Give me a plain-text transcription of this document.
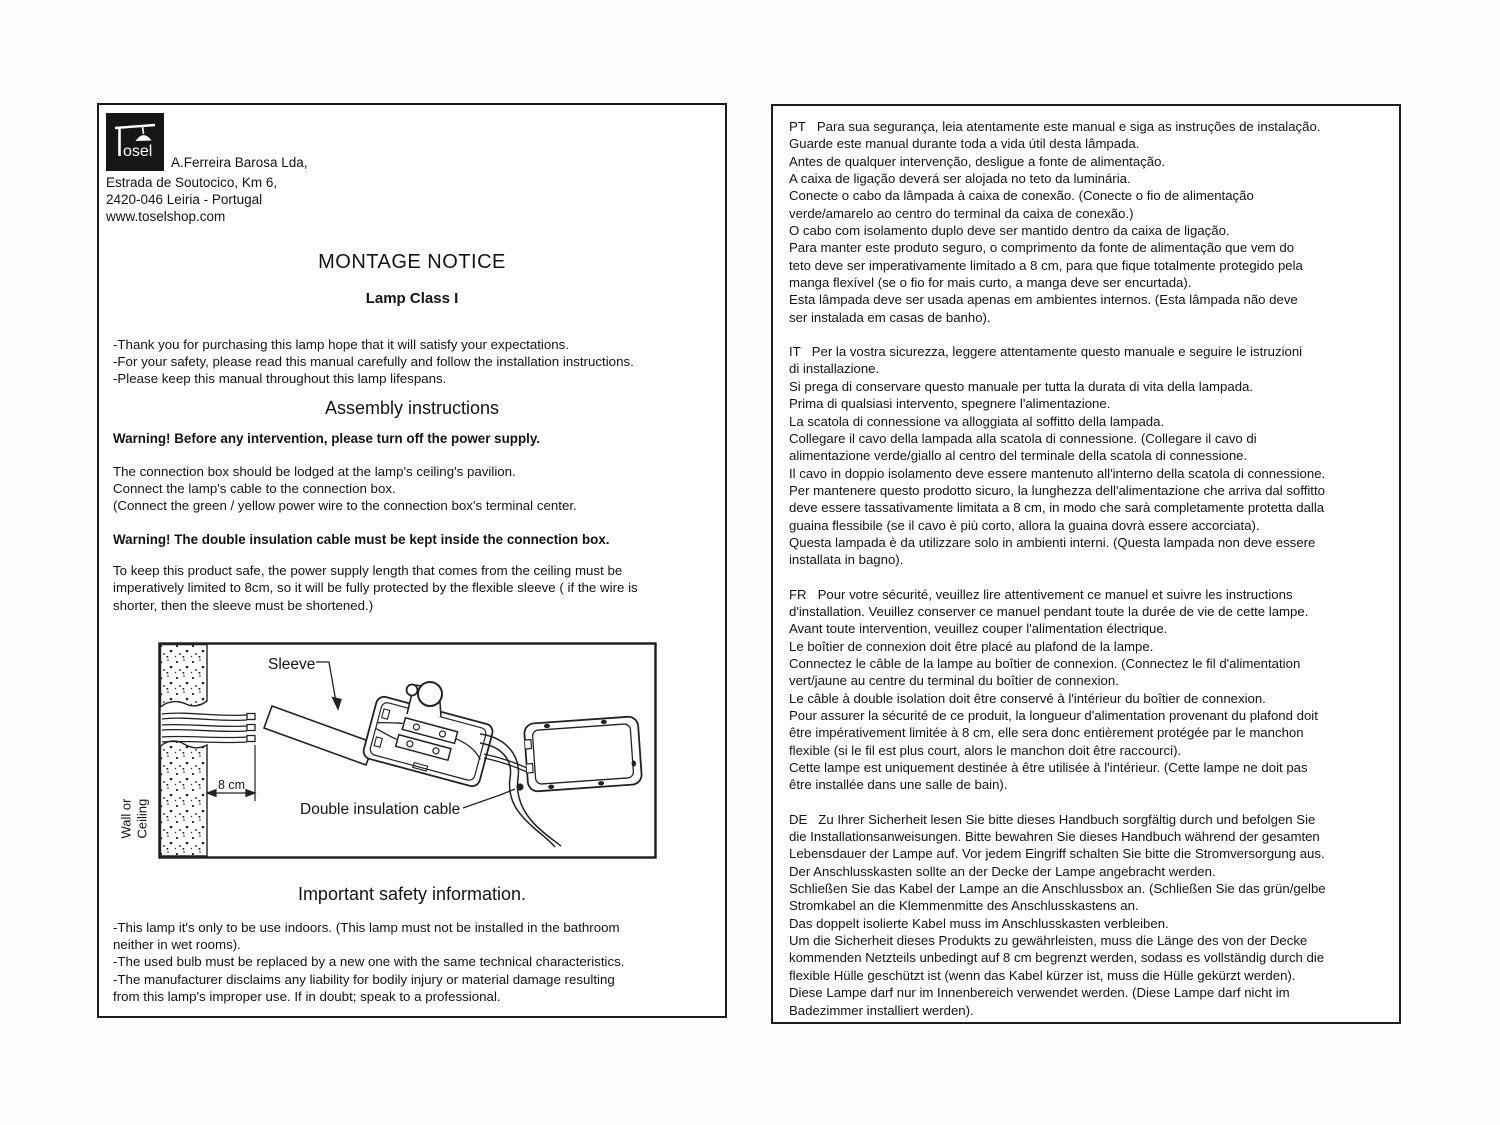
osel
A.Ferreira Barosa Lda,
Estrada de Soutocico, Km 6,
2420-046 Leiria - Portugal
www.toselshop.com
MONTAGE NOTICE
Lamp Class I
-Thank you for purchasing this lamp hope that it will satisfy your expectations.
-For your safety, please read this manual carefully and follow the installation instructions.
-Please keep this manual throughout this lamp lifespans.
Assembly instructions
Warning! Before any intervention, please turn off the power supply.
The connection box should be lodged at the lamp's ceiling's pavilion.
Connect the lamp's cable to the connection box.
(Connect the green / yellow power wire to the connection box's terminal center.
Warning! The double insulation cable must be kept inside the connection box.
To keep this product safe, the power supply length that comes from the ceiling must be
imperatively limited to 8cm, so it will be fully protected by the flexible sleeve ( if the wire is
shorter, then the sleeve must be shortened.)
Wall or Ceiling
8 cm
Sleeve
Double insulation cable
Important safety information.
-This lamp it's only to be use indoors. (This lamp must not be installed in the bathroom
neither in wet rooms).
-The used bulb must be replaced by a new one with the same technical characteristics.
-The manufacturer disclaims any liability for bodily injury or material damage resulting
from this lamp's improper use. If in doubt; speak to a professional.
PT   Para sua segurança, leia atentamente este manual e siga as instruções de instalação.
Guarde este manual durante toda a vida útil desta lâmpada.
Antes de qualquer intervenção, desligue a fonte de alimentação.
A caixa de ligação deverá ser alojada no teto da luminária.
Conecte o cabo da lâmpada à caixa de conexão. (Conecte o fio de alimentação
verde/amarelo ao centro do terminal da caixa de conexão.)
O cabo com isolamento duplo deve ser mantido dentro da caixa de ligação.
Para manter este produto seguro, o comprimento da fonte de alimentação que vem do
teto deve ser imperativamente limitado a 8 cm, para que fique totalmente protegido pela
manga flexível (se o fio for mais curto, a manga deve ser encurtada).
Esta lâmpada deve ser usada apenas em ambientes internos. (Esta lâmpada não deve
ser instalada em casas de banho).
IT   Per la vostra sicurezza, leggere attentamente questo manuale e seguire le istruzioni
di installazione.
Si prega di conservare questo manuale per tutta la durata di vita della lampada.
Prima di qualsiasi intervento, spegnere l'alimentazione.
La scatola di connessione va alloggiata al soffitto della lampada.
Collegare il cavo della lampada alla scatola di connessione. (Collegare il cavo di
alimentazione verde/giallo al centro del terminale della scatola di connessione.
Il cavo in doppio isolamento deve essere mantenuto all'interno della scatola di connessione.
Per mantenere questo prodotto sicuro, la lunghezza dell'alimentazione che arriva dal soffitto
deve essere tassativamente limitata a 8 cm, in modo che sarà completamente protetta dalla
guaina flessibile (se il cavo è più corto, allora la guaina dovrà essere accorciata).
Questa lampada è da utilizzare solo in ambienti interni. (Questa lampada non deve essere
installata in bagno).
FR   Pour votre sécurité, veuillez lire attentivement ce manuel et suivre les instructions
d'installation. Veuillez conserver ce manuel pendant toute la durée de vie de cette lampe.
Avant toute intervention, veuillez couper l'alimentation électrique.
Le boîtier de connexion doit être placé au plafond de la lampe.
Connectez le câble de la lampe au boîtier de connexion. (Connectez le fil d'alimentation
vert/jaune au centre du terminal du boîtier de connexion.
Le câble à double isolation doit être conservé à l'intérieur du boîtier de connexion.
Pour assurer la sécurité de ce produit, la longueur d'alimentation provenant du plafond doit
être impérativement limitée à 8 cm, elle sera donc entièrement protégée par le manchon
flexible (si le fil est plus court, alors le manchon doit être raccourci).
Cette lampe est uniquement destinée à être utilisée à l'intérieur. (Cette lampe ne doit pas
être installée dans une salle de bain).
DE   Zu Ihrer Sicherheit lesen Sie bitte dieses Handbuch sorgfältig durch und befolgen Sie
die Installationsanweisungen. Bitte bewahren Sie dieses Handbuch während der gesamten
Lebensdauer der Lampe auf. Vor jedem Eingriff schalten Sie bitte die Stromversorgung aus.
Der Anschlusskasten sollte an der Decke der Lampe angebracht werden.
Schließen Sie das Kabel der Lampe an die Anschlussbox an. (Schließen Sie das grün/gelbe
Stromkabel an die Klemmenmitte des Anschlusskastens an.
Das doppelt isolierte Kabel muss im Anschlusskasten verbleiben.
Um die Sicherheit dieses Produkts zu gewährleisten, muss die Länge des von der Decke
kommenden Netzteils unbedingt auf 8 cm begrenzt werden, sodass es vollständig durch die
flexible Hülle geschützt ist (wenn das Kabel kürzer ist, muss die Hülle gekürzt werden).
Diese Lampe darf nur im Innenbereich verwendet werden. (Diese Lampe darf nicht im
Badezimmer installiert werden).
